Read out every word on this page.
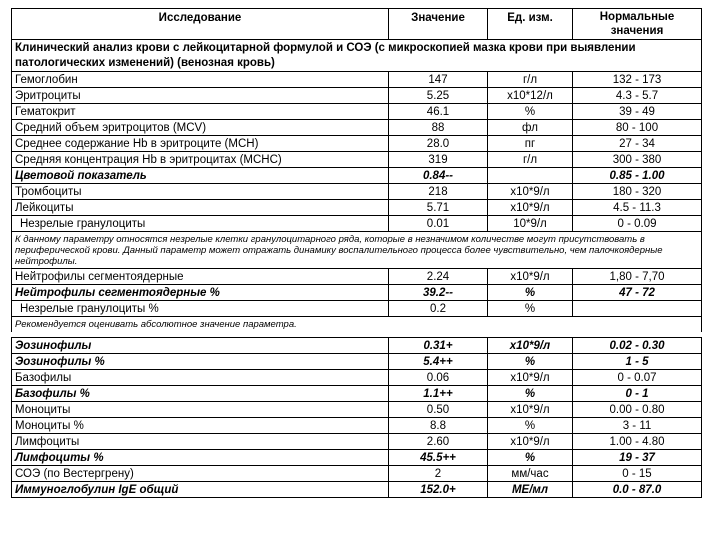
Исследование	Значение	Ед. изм.	Нормальные значения
Клинический анализ крови с лейкоцитарной формулой и СОЭ (с микроскопией мазка крови при выявлении патологических изменений) (венозная кровь)			
Гемоглобин	147	г/л	132 - 173
Эритроциты	5.25	x10*12/л	4.3 - 5.7
Гематокрит	46.1	%	39 - 49
Средний объем эритроцитов (MCV)	88	фл	80 - 100
Среднее содержание Hb в эритроците (MCH)	28.0	пг	27 - 34
Средняя концентрация Hb в эритроцитах (MCHC)	319	г/л	300 - 380
Цветовой показатель	0.84--		0.85 - 1.00
Тромбоциты	218	x10*9/л	180 - 320
Лейкоциты	5.71	x10*9/л	4.5 - 11.3
Незрелые гранулоциты	0.01	10*9/л	0 - 0.09
К данному параметру относятся незрелые клетки гранулоцитарного ряда, которые в незначимом количестве могут присутствовать в периферической крови. Данный параметр может отражать динамику воспалительного процесса более чувствительно, чем палочкоядерные нейтрофилы.			
Нейтрофилы сегментоядерные	2.24	x10*9/л	1,80 - 7,70
Нейтрофилы сегментоядерные %	39.2--	%	47 - 72
Незрелые гранулоциты %	0.2	%	
Рекомендуется оценивать абсолютное значение параметра.			

Эозинофилы	0.31+	x10*9/л	0.02 - 0.30
Эозинофилы %	5.4++	%	1 - 5
Базофилы	0.06	x10*9/л	0 - 0.07
Базофилы %	1.1++	%	0 - 1
Моноциты	0.50	x10*9/л	0.00 - 0.80
Моноциты %	8.8	%	3 - 11
Лимфоциты	2.60	x10*9/л	1.00 - 4.80
Лимфоциты %	45.5++	%	19 - 37
СОЭ (по Вестергрену)	2	мм/час	0 - 15
Иммуноглобулин IgE общий	152.0+	МЕ/мл	0.0 - 87.0
